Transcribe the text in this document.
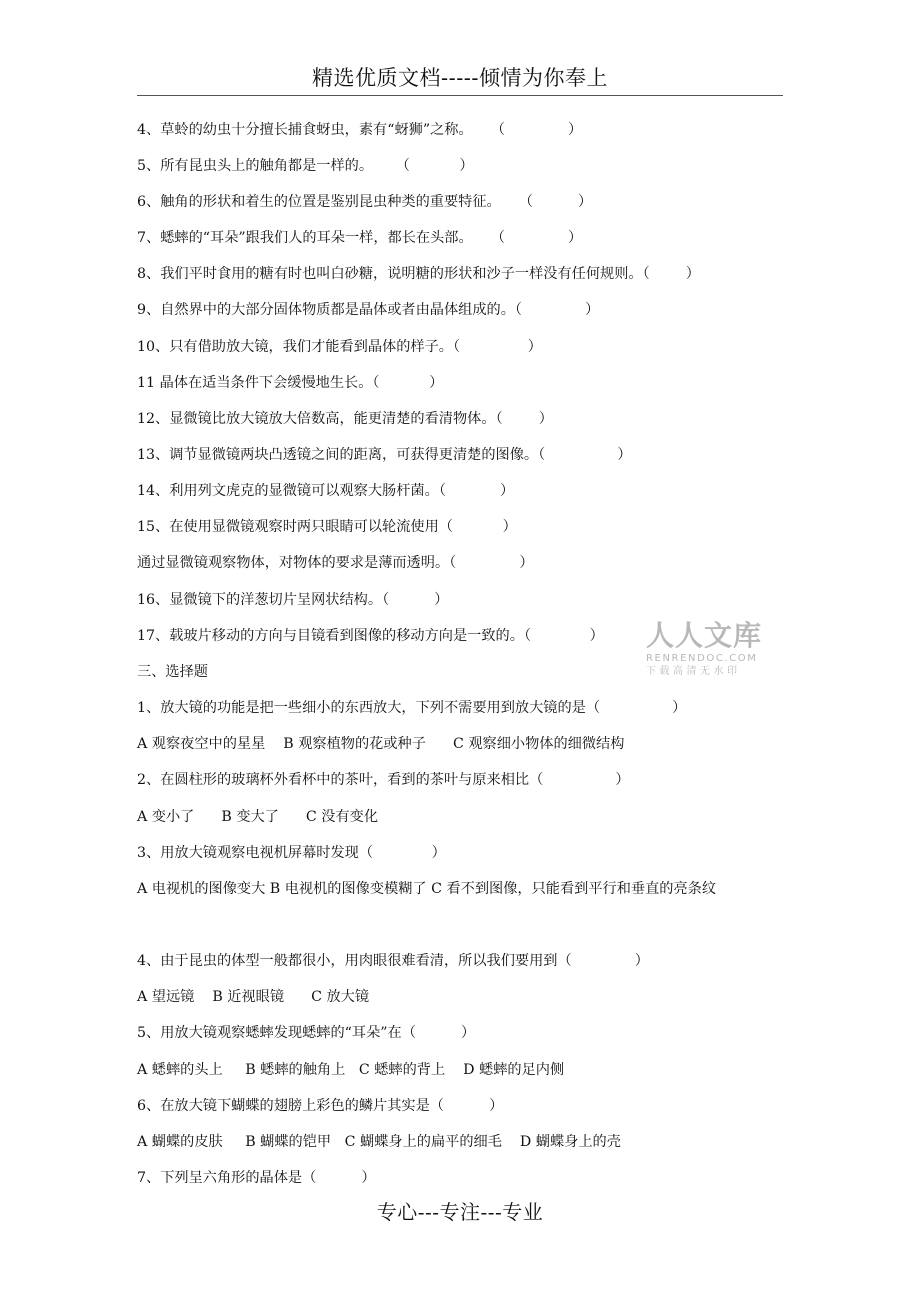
精选优质文档-----倾情为你奉上
4、草蛉的幼虫十分擅长捕食蚜虫，素有“蚜狮”之称。    （              ）
5、所有昆虫头上的触角都是一样的。     （           ）
6、触角的形状和着生的位置是鉴别昆虫种类的重要特征。    （          ）
7、蟋蟀的“耳朵”跟我们人的耳朵一样，都长在头部。    （              ）
8、我们平时食用的糖有时也叫白砂糖，说明糖的形状和沙子一样没有任何规则。（        ）
9、自然界中的大部分固体物质都是晶体或者由晶体组成的。（              ）
10、只有借助放大镜，我们才能看到晶体的样子。（               ）
11 晶体在适当条件下会缓慢地生长。（           ）
12、显微镜比放大镜放大倍数高，能更清楚的看清物体。（        ）
13、调节显微镜两块凸透镜之间的距离，可获得更清楚的图像。（                ）
14、利用列文虎克的显微镜可以观察大肠杆菌。（            ）
15、在使用显微镜观察时两只眼睛可以轮流使用（           ）
通过显微镜观察物体，对物体的要求是薄而透明。（              ）
16、显微镜下的洋葱切片呈网状结构。（          ）
17、载玻片移动的方向与目镜看到图像的移动方向是一致的。（             ）
三、选择题
1、放大镜的功能是把一些细小的东西放大，下列不需要用到放大镜的是（                ）
A 观察夜空中的星星    B 观察植物的花或种子      C 观察细小物体的细微结构
2、在圆柱形的玻璃杯外看杯中的茶叶，看到的茶叶与原来相比（                ）
A 变小了      B 变大了      C 没有变化
3、用放大镜观察电视机屏幕时发现（             ）
A 电视机的图像变大 B 电视机的图像变模糊了 C 看不到图像，只能看到平行和垂直的亮条纹
4、由于昆虫的体型一般都很小，用肉眼很难看清，所以我们要用到（              ）
A 望远镜    B 近视眼镜      C 放大镜
5、用放大镜观察蟋蟀发现蟋蟀的“耳朵”在（          ）
A 蟋蟀的头上     B 蟋蟀的触角上   C 蟋蟀的背上    D 蟋蟀的足内侧
6、在放大镜下蝴蝶的翅膀上彩色的鳞片其实是（          ）
A 蝴蝶的皮肤     B 蝴蝶的铠甲   C 蝴蝶身上的扁平的细毛    D 蝴蝶身上的壳
7、下列呈六角形的晶体是（          ）
人人文库
RENRENDOC.COM
下载高清无水印
专心---专注---专业
